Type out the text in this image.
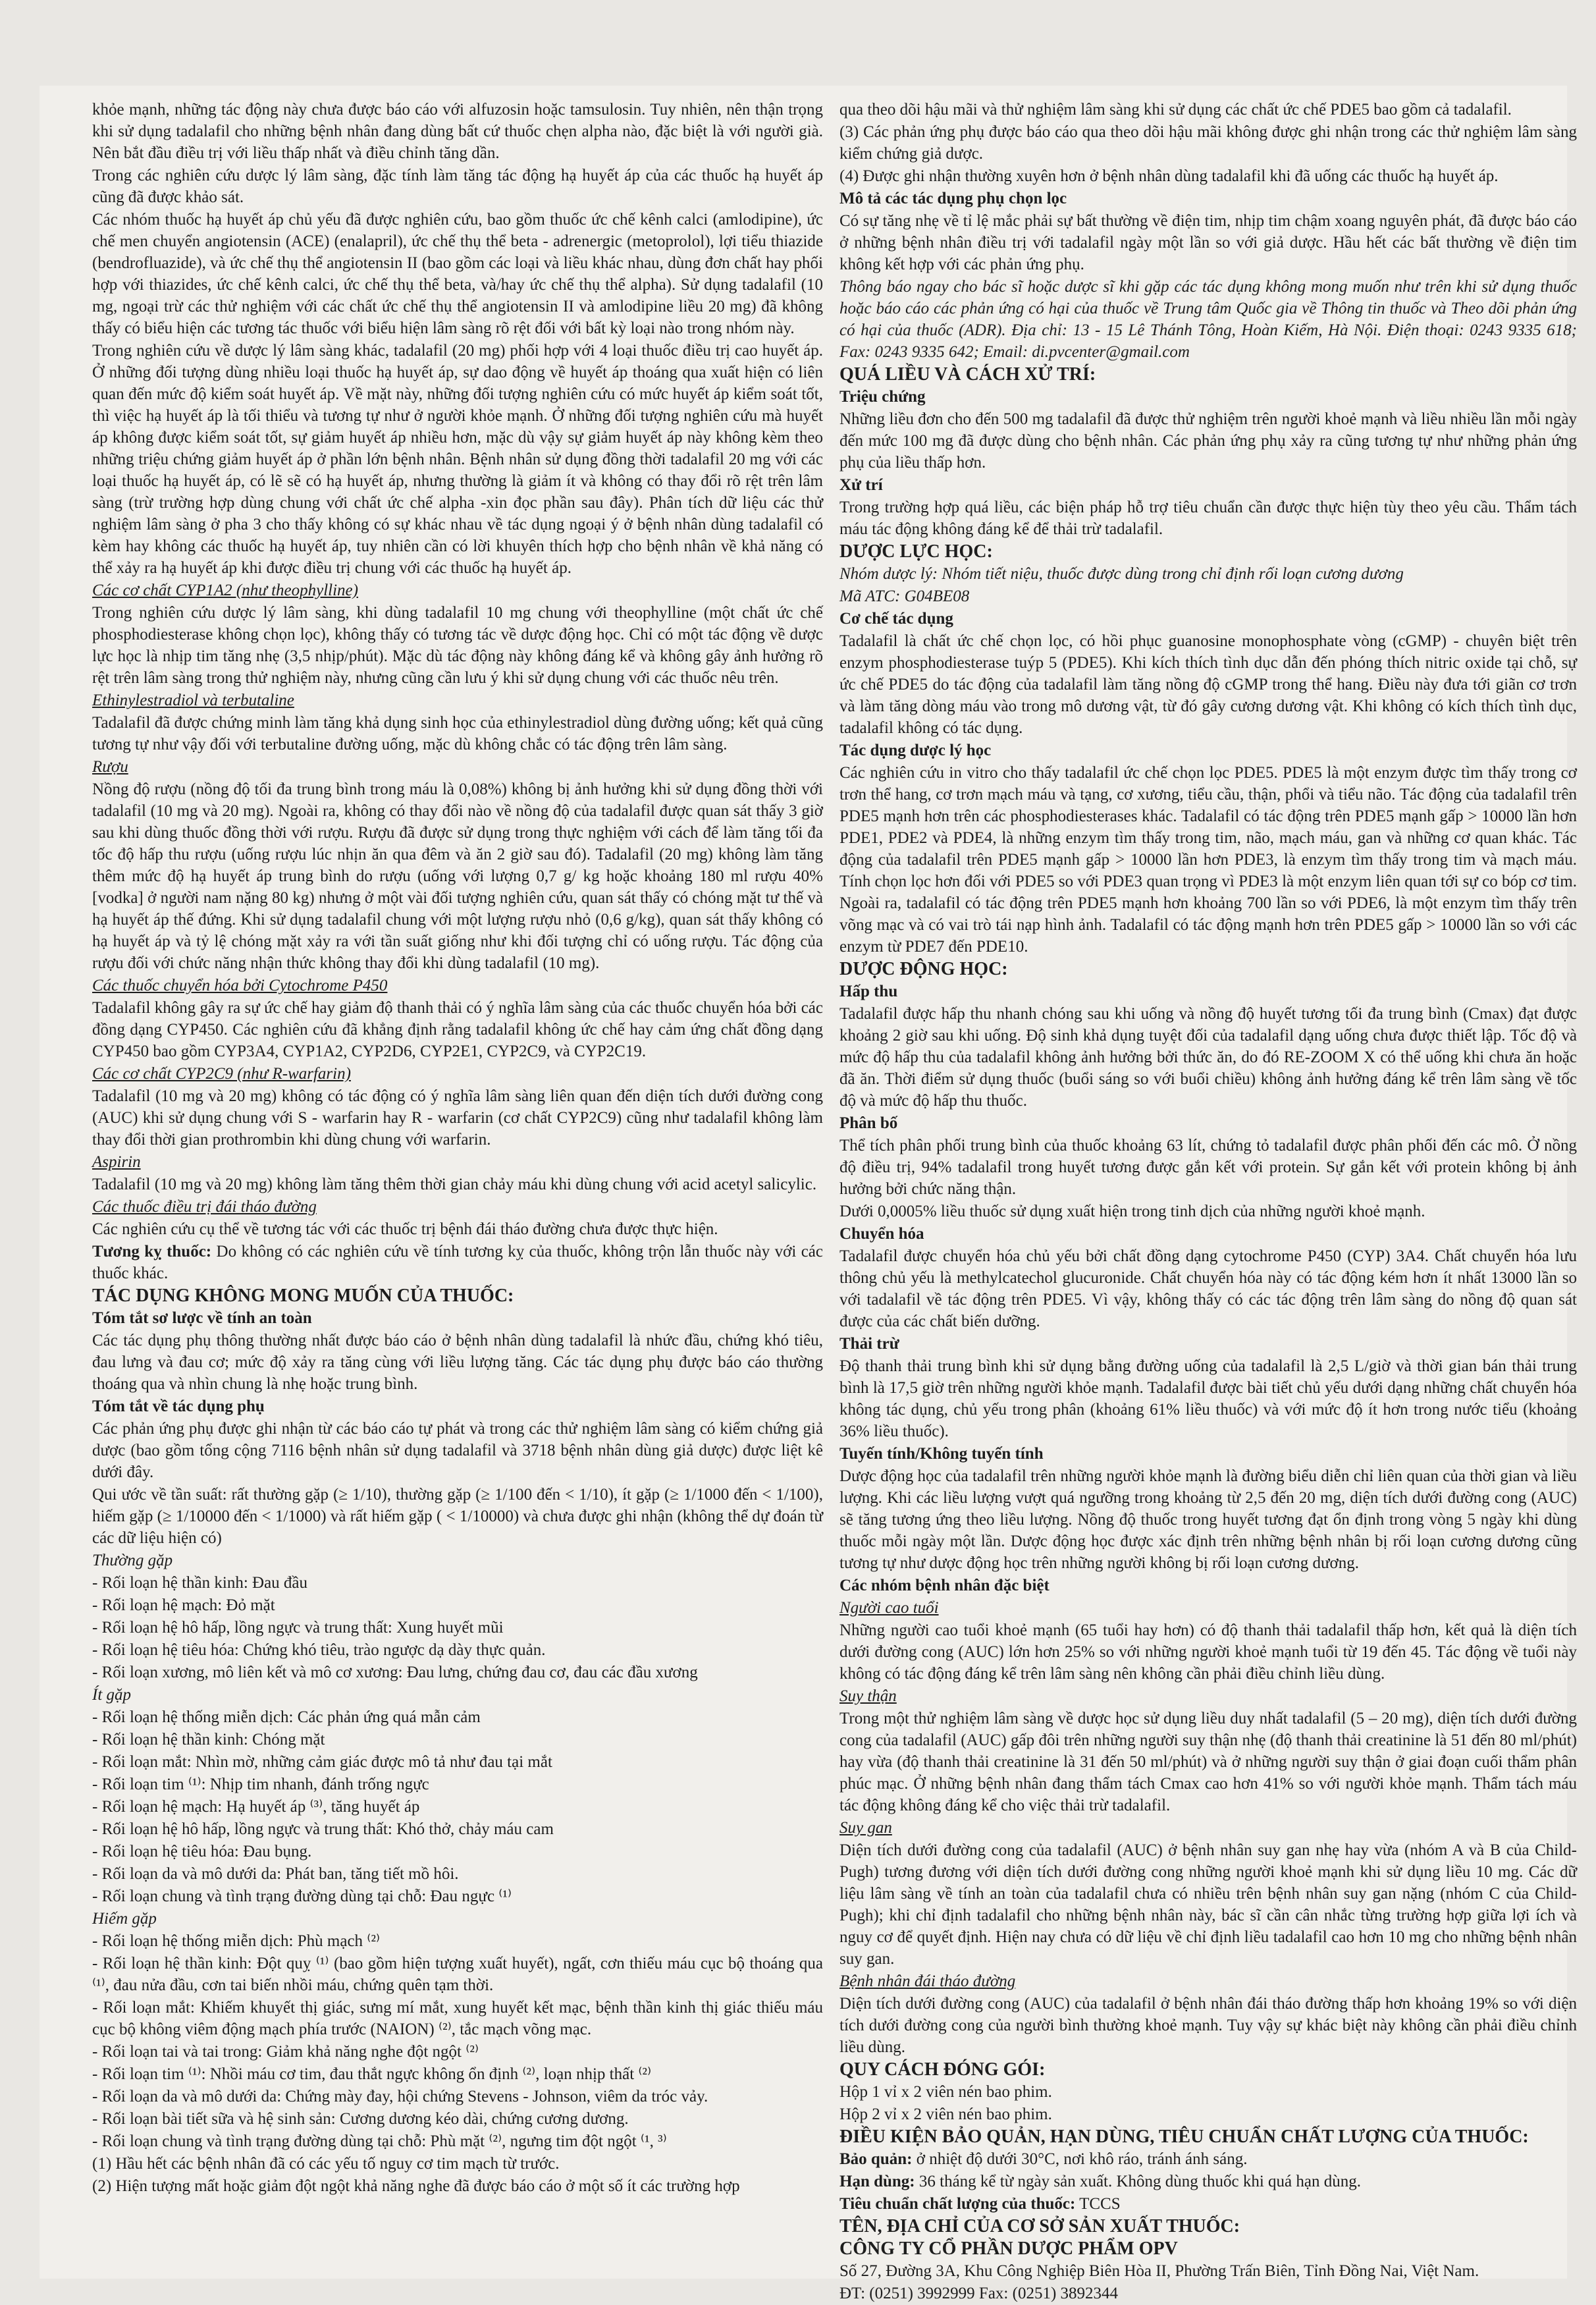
khỏe mạnh, những tác động này chưa được báo cáo với alfuzosin hoặc tamsulosin. Tuy nhiên, nên thận trọng khi sử dụng tadalafil cho những bệnh nhân đang dùng bất cứ thuốc chẹn alpha nào, đặc biệt là với người già. Nên bắt đầu điều trị với liều thấp nhất và điều chỉnh tăng dần.

Trong các nghiên cứu dược lý lâm sàng, đặc tính làm tăng tác động hạ huyết áp của các thuốc hạ huyết áp cũng đã được khảo sát.

Các nhóm thuốc hạ huyết áp chủ yếu đã được nghiên cứu, bao gồm thuốc ức chế kênh calci (amlodipine), ức chế men chuyển angiotensin (ACE) (enalapril), ức chế thụ thể beta - adrenergic (metoprolol), lợi tiểu thiazide (bendrofluazide), và ức chế thụ thể angiotensin II (bao gồm các loại và liều khác nhau, dùng đơn chất hay phối hợp với thiazides, ức chế kênh calci, ức chế thụ thể beta, và/hay ức chế thụ thể alpha). Sử dụng tadalafil (10 mg, ngoại trừ các thử nghiệm với các chất ức chế thụ thể angiotensin II và amlodipine liều 20 mg) đã không thấy có biểu hiện các tương tác thuốc với biểu hiện lâm sàng rõ rệt đối với bất kỳ loại nào trong nhóm này.

Trong nghiên cứu về dược lý lâm sàng khác, tadalafil (20 mg) phối hợp với 4 loại thuốc điều trị cao huyết áp. Ở những đối tượng dùng nhiều loại thuốc hạ huyết áp, sự dao động về huyết áp thoáng qua xuất hiện có liên quan đến mức độ kiểm soát huyết áp. Về mặt này, những đối tượng nghiên cứu có mức huyết áp kiểm soát tốt, thì việc hạ huyết áp là tối thiểu và tương tự như ở người khỏe mạnh. Ở những đối tượng nghiên cứu mà huyết áp không được kiểm soát tốt, sự giảm huyết áp nhiều hơn, mặc dù vậy sự giảm huyết áp này không kèm theo những triệu chứng giảm huyết áp ở phần lớn bệnh nhân. Bệnh nhân sử dụng đồng thời tadalafil 20 mg với các loại thuốc hạ huyết áp, có lẽ sẽ có hạ huyết áp, nhưng thường là giảm ít và không có thay đổi rõ rệt trên lâm sàng (trừ trường hợp dùng chung với chất ức chế alpha -xin đọc phần sau đây). Phân tích dữ liệu các thử nghiệm lâm sàng ở pha 3 cho thấy không có sự khác nhau về tác dụng ngoại ý ở bệnh nhân dùng tadalafil có kèm hay không các thuốc hạ huyết áp, tuy nhiên cần có lời khuyên thích hợp cho bệnh nhân về khả năng có thể xảy ra hạ huyết áp khi được điều trị chung với các thuốc hạ huyết áp.

Các cơ chất CYP1A2 (như theophylline)

Trong nghiên cứu dược lý lâm sàng, khi dùng tadalafil 10 mg chung với theophylline (một chất ức chế phosphodiesterase không chọn lọc), không thấy có tương tác về dược động học. Chỉ có một tác động về dược lực học là nhịp tim tăng nhẹ (3,5 nhịp/phút). Mặc dù tác động này không đáng kể và không gây ảnh hưởng rõ rệt trên lâm sàng trong thử nghiệm này, nhưng cũng cần lưu ý khi sử dụng chung với các thuốc nêu trên.

Ethinylestradiol và terbutaline

Tadalafil đã được chứng minh làm tăng khả dụng sinh học của ethinylestradiol dùng đường uống; kết quả cũng tương tự như vậy đối với terbutaline đường uống, mặc dù không chắc có tác động trên lâm sàng.

Rượu

Nồng độ rượu (nồng độ tối đa trung bình trong máu là 0,08%) không bị ảnh hưởng khi sử dụng đồng thời với tadalafil (10 mg và 20 mg). Ngoài ra, không có thay đổi nào về nồng độ của tadalafil được quan sát thấy 3 giờ sau khi dùng thuốc đồng thời với rượu. Rượu đã được sử dụng trong thực nghiệm với cách để làm tăng tối đa tốc độ hấp thu rượu (uống rượu lúc nhịn ăn qua đêm và ăn 2 giờ sau đó). Tadalafil (20 mg) không làm tăng thêm mức độ hạ huyết áp trung bình do rượu (uống với lượng 0,7 g/ kg hoặc khoảng 180 ml rượu 40% [vodka] ở người nam nặng 80 kg) nhưng ở một vài đối tượng nghiên cứu, quan sát thấy có chóng mặt tư thế và hạ huyết áp thế đứng. Khi sử dụng tadalafil chung với một lượng rượu nhỏ (0,6 g/kg), quan sát thấy không có hạ huyết áp và tỷ lệ chóng mặt xảy ra với tần suất giống như khi đối tượng chỉ có uống rượu. Tác động của rượu đối với chức năng nhận thức không thay đổi khi dùng tadalafil (10 mg).

Các thuốc chuyển hóa bởi Cytochrome P450

Tadalafil không gây ra sự ức chế hay giảm độ thanh thải có ý nghĩa lâm sàng của các thuốc chuyển hóa bởi các đồng dạng CYP450. Các nghiên cứu đã khẳng định rằng tadalafil không ức chế hay cảm ứng chất đồng dạng CYP450 bao gồm CYP3A4, CYP1A2, CYP2D6, CYP2E1, CYP2C9, và CYP2C19.

Các cơ chất CYP2C9 (như R-warfarin)

Tadalafil (10 mg và 20 mg) không có tác động có ý nghĩa lâm sàng liên quan đến diện tích dưới đường cong (AUC) khi sử dụng chung với S - warfarin hay R - warfarin (cơ chất CYP2C9) cũng như tadalafil không làm thay đổi thời gian prothrombin khi dùng chung với warfarin.

Aspirin

Tadalafil (10 mg và 20 mg) không làm tăng thêm thời gian chảy máu khi dùng chung với acid acetyl salicylic.

Các thuốc điều trị đái tháo đường

Các nghiên cứu cụ thể về tương tác với các thuốc trị bệnh đái tháo đường chưa được thực hiện.

Tương kỵ thuốc: Do không có các nghiên cứu về tính tương kỵ của thuốc, không trộn lẫn thuốc này với các thuốc khác.

TÁC DỤNG KHÔNG MONG MUỐN CỦA THUỐC:

Tóm tắt sơ lược về tính an toàn

Các tác dụng phụ thông thường nhất được báo cáo ở bệnh nhân dùng tadalafil là nhức đầu, chứng khó tiêu, đau lưng và đau cơ; mức độ xảy ra tăng cùng với liều lượng tăng. Các tác dụng phụ được báo cáo thường thoáng qua và nhìn chung là nhẹ hoặc trung bình.

Tóm tắt về tác dụng phụ

Các phản ứng phụ được ghi nhận từ các báo cáo tự phát và trong các thử nghiệm lâm sàng có kiểm chứng giả dược (bao gồm tổng cộng 7116 bệnh nhân sử dụng tadalafil và 3718 bệnh nhân dùng giả dược) được liệt kê dưới đây.

Qui ước về tần suất: rất thường gặp (≥ 1/10), thường gặp (≥ 1/100 đến < 1/10), ít gặp (≥ 1/1000 đến < 1/100), hiếm gặp (≥ 1/10000 đến < 1/1000) và rất hiếm gặp ( < 1/10000) và chưa được ghi nhận (không thể dự đoán từ các dữ liệu hiện có)

Thường gặp

- Rối loạn hệ thần kinh: Đau đầu

- Rối loạn hệ mạch: Đỏ mặt

- Rối loạn hệ hô hấp, lồng ngực và trung thất: Xung huyết mũi

- Rối loạn hệ tiêu hóa: Chứng khó tiêu, trào ngược dạ dày thực quản.

- Rối loạn xương, mô liên kết và mô cơ xương: Đau lưng, chứng đau cơ, đau các đầu xương

Ít gặp

- Rối loạn hệ thống miễn dịch: Các phản ứng quá mẫn cảm

- Rối loạn hệ thần kinh: Chóng mặt

- Rối loạn mắt: Nhìn mờ, những cảm giác được mô tả như đau tại mắt

- Rối loạn tim ⁽¹⁾: Nhịp tim nhanh, đánh trống ngực

- Rối loạn hệ mạch: Hạ huyết áp ⁽³⁾, tăng huyết áp

- Rối loạn hệ hô hấp, lồng ngực và trung thất: Khó thở, chảy máu cam

- Rối loạn hệ tiêu hóa: Đau bụng.

- Rối loạn da và mô dưới da: Phát ban, tăng tiết mồ hôi.

- Rối loạn chung và tình trạng đường dùng tại chỗ: Đau ngực ⁽¹⁾

Hiếm gặp

- Rối loạn hệ thống miễn dịch: Phù mạch ⁽²⁾

- Rối loạn hệ thần kinh: Đột quỵ ⁽¹⁾ (bao gồm hiện tượng xuất huyết), ngất, cơn thiếu máu cục bộ thoáng qua ⁽¹⁾, đau nửa đầu, cơn tai biến nhồi máu, chứng quên tạm thời.

- Rối loạn mắt: Khiếm khuyết thị giác, sưng mí mắt, xung huyết kết mạc, bệnh thần kinh thị giác thiếu máu cục bộ không viêm động mạch phía trước (NAION) ⁽²⁾, tắc mạch võng mạc.

- Rối loạn tai và tai trong: Giảm khả năng nghe đột ngột ⁽²⁾

- Rối loạn tim ⁽¹⁾: Nhồi máu cơ tim, đau thắt ngực không ổn định ⁽²⁾, loạn nhịp thất ⁽²⁾

- Rối loạn da và mô dưới da: Chứng mày đay, hội chứng Stevens - Johnson, viêm da tróc vảy.

- Rối loạn bài tiết sữa và hệ sinh sản: Cương dương kéo dài, chứng cương dương.

- Rối loạn chung và tình trạng đường dùng tại chỗ: Phù mặt ⁽²⁾, ngưng tim đột ngột ⁽¹, ³⁾

(1) Hầu hết các bệnh nhân đã có các yếu tố nguy cơ tim mạch từ trước.

(2) Hiện tượng mất hoặc giảm đột ngột khả năng nghe đã được báo cáo ở một số ít các trường hợp

qua theo dõi hậu mãi và thử nghiệm lâm sàng khi sử dụng các chất ức chế PDE5 bao gồm cả tadalafil.

(3) Các phản ứng phụ được báo cáo qua theo dõi hậu mãi không được ghi nhận trong các thử nghiệm lâm sàng kiểm chứng giả dược.

(4) Được ghi nhận thường xuyên hơn ở bệnh nhân dùng tadalafil khi đã uống các thuốc hạ huyết áp.

Mô tả các tác dụng phụ chọn lọc

Có sự tăng nhẹ về tỉ lệ mắc phải sự bất thường về điện tim, nhịp tim chậm xoang nguyên phát, đã được báo cáo ở những bệnh nhân điều trị với tadalafil ngày một lần so với giả dược. Hầu hết các bất thường về điện tim không kết hợp với các phản ứng phụ.

Thông báo ngay cho bác sĩ hoặc dược sĩ khi gặp các tác dụng không mong muốn như trên khi sử dụng thuốc hoặc báo cáo các phản ứng có hại của thuốc về Trung tâm Quốc gia về Thông tin thuốc và Theo dõi phản ứng có hại của thuốc (ADR). Địa chỉ: 13 - 15 Lê Thánh Tông, Hoàn Kiếm, Hà Nội. Điện thoại: 0243 9335 618; Fax: 0243 9335 642; Email: di.pvcenter@gmail.com

QUÁ LIỀU VÀ CÁCH XỬ TRÍ:

Triệu chứng

Những liều đơn cho đến 500 mg tadalafil đã được thử nghiệm trên người khoẻ mạnh và liều nhiều lần mỗi ngày đến mức 100 mg đã được dùng cho bệnh nhân. Các phản ứng phụ xảy ra cũng tương tự như những phản ứng phụ của liều thấp hơn.

Xử trí

Trong trường hợp quá liều, các biện pháp hỗ trợ tiêu chuẩn cần được thực hiện tùy theo yêu cầu. Thẩm tách máu tác động không đáng kể để thải trừ tadalafil.

DƯỢC LỰC HỌC:

Nhóm dược lý: Nhóm tiết niệu, thuốc được dùng trong chỉ định rối loạn cương dương

Mã ATC: G04BE08

Cơ chế tác dụng

Tadalafil là chất ức chế chọn lọc, có hồi phục guanosine monophosphate vòng (cGMP) - chuyên biệt trên enzym phosphodiesterase tuýp 5 (PDE5). Khi kích thích tình dục dẫn đến phóng thích nitric oxide tại chỗ, sự ức chế PDE5 do tác động của tadalafil làm tăng nồng độ cGMP trong thể hang. Điều này đưa tới giãn cơ trơn và làm tăng dòng máu vào trong mô dương vật, từ đó gây cương dương vật. Khi không có kích thích tình dục, tadalafil không có tác dụng.

Tác dụng dược lý học

Các nghiên cứu in vitro cho thấy tadalafil ức chế chọn lọc PDE5. PDE5 là một enzym được tìm thấy trong cơ trơn thể hang, cơ trơn mạch máu và tạng, cơ xương, tiểu cầu, thận, phổi và tiểu não. Tác động của tadalafil trên PDE5 mạnh hơn trên các phosphodiesterases khác. Tadalafil có tác động trên PDE5 mạnh gấp > 10000 lần hơn PDE1, PDE2 và PDE4, là những enzym tìm thấy trong tim, não, mạch máu, gan và những cơ quan khác. Tác động của tadalafil trên PDE5 mạnh gấp > 10000 lần hơn PDE3, là enzym tìm thấy trong tim và mạch máu. Tính chọn lọc hơn đối với PDE5 so với PDE3 quan trọng vì PDE3 là một enzym liên quan tới sự co bóp cơ tim. Ngoài ra, tadalafil có tác động trên PDE5 mạnh hơn khoảng 700 lần so với PDE6, là một enzym tìm thấy trên võng mạc và có vai trò tái nạp hình ảnh. Tadalafil có tác động mạnh hơn trên PDE5 gấp > 10000 lần so với các enzym từ PDE7 đến PDE10.

DƯỢC ĐỘNG HỌC:

Hấp thu

Tadalafil được hấp thu nhanh chóng sau khi uống và nồng độ huyết tương tối đa trung bình (Cmax) đạt được khoảng 2 giờ sau khi uống. Độ sinh khả dụng tuyệt đối của tadalafil dạng uống chưa được thiết lập. Tốc độ và mức độ hấp thu của tadalafil không ảnh hưởng bởi thức ăn, do đó RE-ZOOM X có thể uống khi chưa ăn hoặc đã ăn. Thời điểm sử dụng thuốc (buổi sáng so với buổi chiều) không ảnh hưởng đáng kể trên lâm sàng về tốc độ và mức độ hấp thu thuốc.

Phân bố

Thể tích phân phối trung bình của thuốc khoảng 63 lít, chứng tỏ tadalafil được phân phối đến các mô. Ở nồng độ điều trị, 94% tadalafil trong huyết tương được gắn kết với protein. Sự gắn kết với protein không bị ảnh hưởng bởi chức năng thận.

Dưới 0,0005% liều thuốc sử dụng xuất hiện trong tinh dịch của những người khoẻ mạnh.

Chuyển hóa

Tadalafil được chuyển hóa chủ yếu bởi chất đồng dạng cytochrome P450 (CYP) 3A4. Chất chuyển hóa lưu thông chủ yếu là methylcatechol glucuronide. Chất chuyển hóa này có tác động kém hơn ít nhất 13000 lần so với tadalafil về tác động trên PDE5. Vì vậy, không thấy có các tác động trên lâm sàng do nồng độ quan sát được của các chất biến dưỡng.

Thải trừ

Độ thanh thải trung bình khi sử dụng bằng đường uống của tadalafil là 2,5 L/giờ và thời gian bán thải trung bình là 17,5 giờ trên những người khỏe mạnh. Tadalafil được bài tiết chủ yếu dưới dạng những chất chuyển hóa không tác dụng, chủ yếu trong phân (khoảng 61% liều thuốc) và với mức độ ít hơn trong nước tiểu (khoảng 36% liều thuốc).

Tuyến tính/Không tuyến tính

Dược động học của tadalafil trên những người khỏe mạnh là đường biểu diễn chỉ liên quan của thời gian và liều lượng. Khi các liều lượng vượt quá ngưỡng trong khoảng từ 2,5 đến 20 mg, diện tích dưới đường cong (AUC) sẽ tăng tương ứng theo liều lượng. Nồng độ thuốc trong huyết tương đạt ổn định trong vòng 5 ngày khi dùng thuốc mỗi ngày một lần. Dược động học được xác định trên những bệnh nhân bị rối loạn cương dương cũng tương tự như dược động học trên những người không bị rối loạn cương dương.

Các nhóm bệnh nhân đặc biệt

Người cao tuổi

Những người cao tuổi khoẻ mạnh (65 tuổi hay hơn) có độ thanh thải tadalafil thấp hơn, kết quả là diện tích dưới đường cong (AUC) lớn hơn 25% so với những người khoẻ mạnh tuổi từ 19 đến 45. Tác động về tuổi này không có tác động đáng kể trên lâm sàng nên không cần phải điều chỉnh liều dùng.

Suy thận

Trong một thử nghiệm lâm sàng về dược học sử dụng liều duy nhất tadalafil (5 – 20 mg), diện tích dưới đường cong của tadalafil (AUC) gấp đôi trên những người suy thận nhẹ (độ thanh thải creatinine là 51 đến 80 ml/phút) hay vừa (độ thanh thải creatinine là 31 đến 50 ml/phút) và ở những người suy thận ở giai đoạn cuối thẩm phân phúc mạc. Ở những bệnh nhân đang thẩm tách Cmax cao hơn 41% so với người khỏe mạnh. Thẩm tách máu tác động không đáng kể cho việc thải trừ tadalafil.

Suy gan

Diện tích dưới đường cong của tadalafil (AUC) ở bệnh nhân suy gan nhẹ hay vừa (nhóm A và B của Child-Pugh) tương đương với diện tích dưới đường cong những người khoẻ mạnh khi sử dụng liều 10 mg. Các dữ liệu lâm sàng về tính an toàn của tadalafil chưa có nhiều trên bệnh nhân suy gan nặng (nhóm C của Child-Pugh); khi chỉ định tadalafil cho những bệnh nhân này, bác sĩ cần cân nhắc từng trường hợp giữa lợi ích và nguy cơ để quyết định. Hiện nay chưa có dữ liệu về chỉ định liều tadalafil cao hơn 10 mg cho những bệnh nhân suy gan.

Bệnh nhân đái tháo đường

Diện tích dưới đường cong (AUC) của tadalafil ở bệnh nhân đái tháo đường thấp hơn khoảng 19% so với diện tích dưới đường cong của người bình thường khoẻ mạnh. Tuy vậy sự khác biệt này không cần phải điều chỉnh liều dùng.

QUY CÁCH ĐÓNG GÓI:

Hộp 1 vỉ x 2 viên nén bao phim.

Hộp 2 vỉ x 2 viên nén bao phim.

ĐIỀU KIỆN BẢO QUẢN, HẠN DÙNG, TIÊU CHUẨN CHẤT LƯỢNG CỦA THUỐC:

Bảo quản: ở nhiệt độ dưới 30°C, nơi khô ráo, tránh ánh sáng.

Hạn dùng: 36 tháng kể từ ngày sản xuất. Không dùng thuốc khi quá hạn dùng.

Tiêu chuẩn chất lượng của thuốc: TCCS

TÊN, ĐỊA CHỈ CỦA CƠ SỞ SẢN XUẤT THUỐC:

CÔNG TY CỔ PHẦN DƯỢC PHẨM OPV

Số 27, Đường 3A, Khu Công Nghiệp Biên Hòa II, Phường Trấn Biên, Tỉnh Đồng Nai, Việt Nam.

ĐT: (0251) 3992999 Fax: (0251) 3892344
